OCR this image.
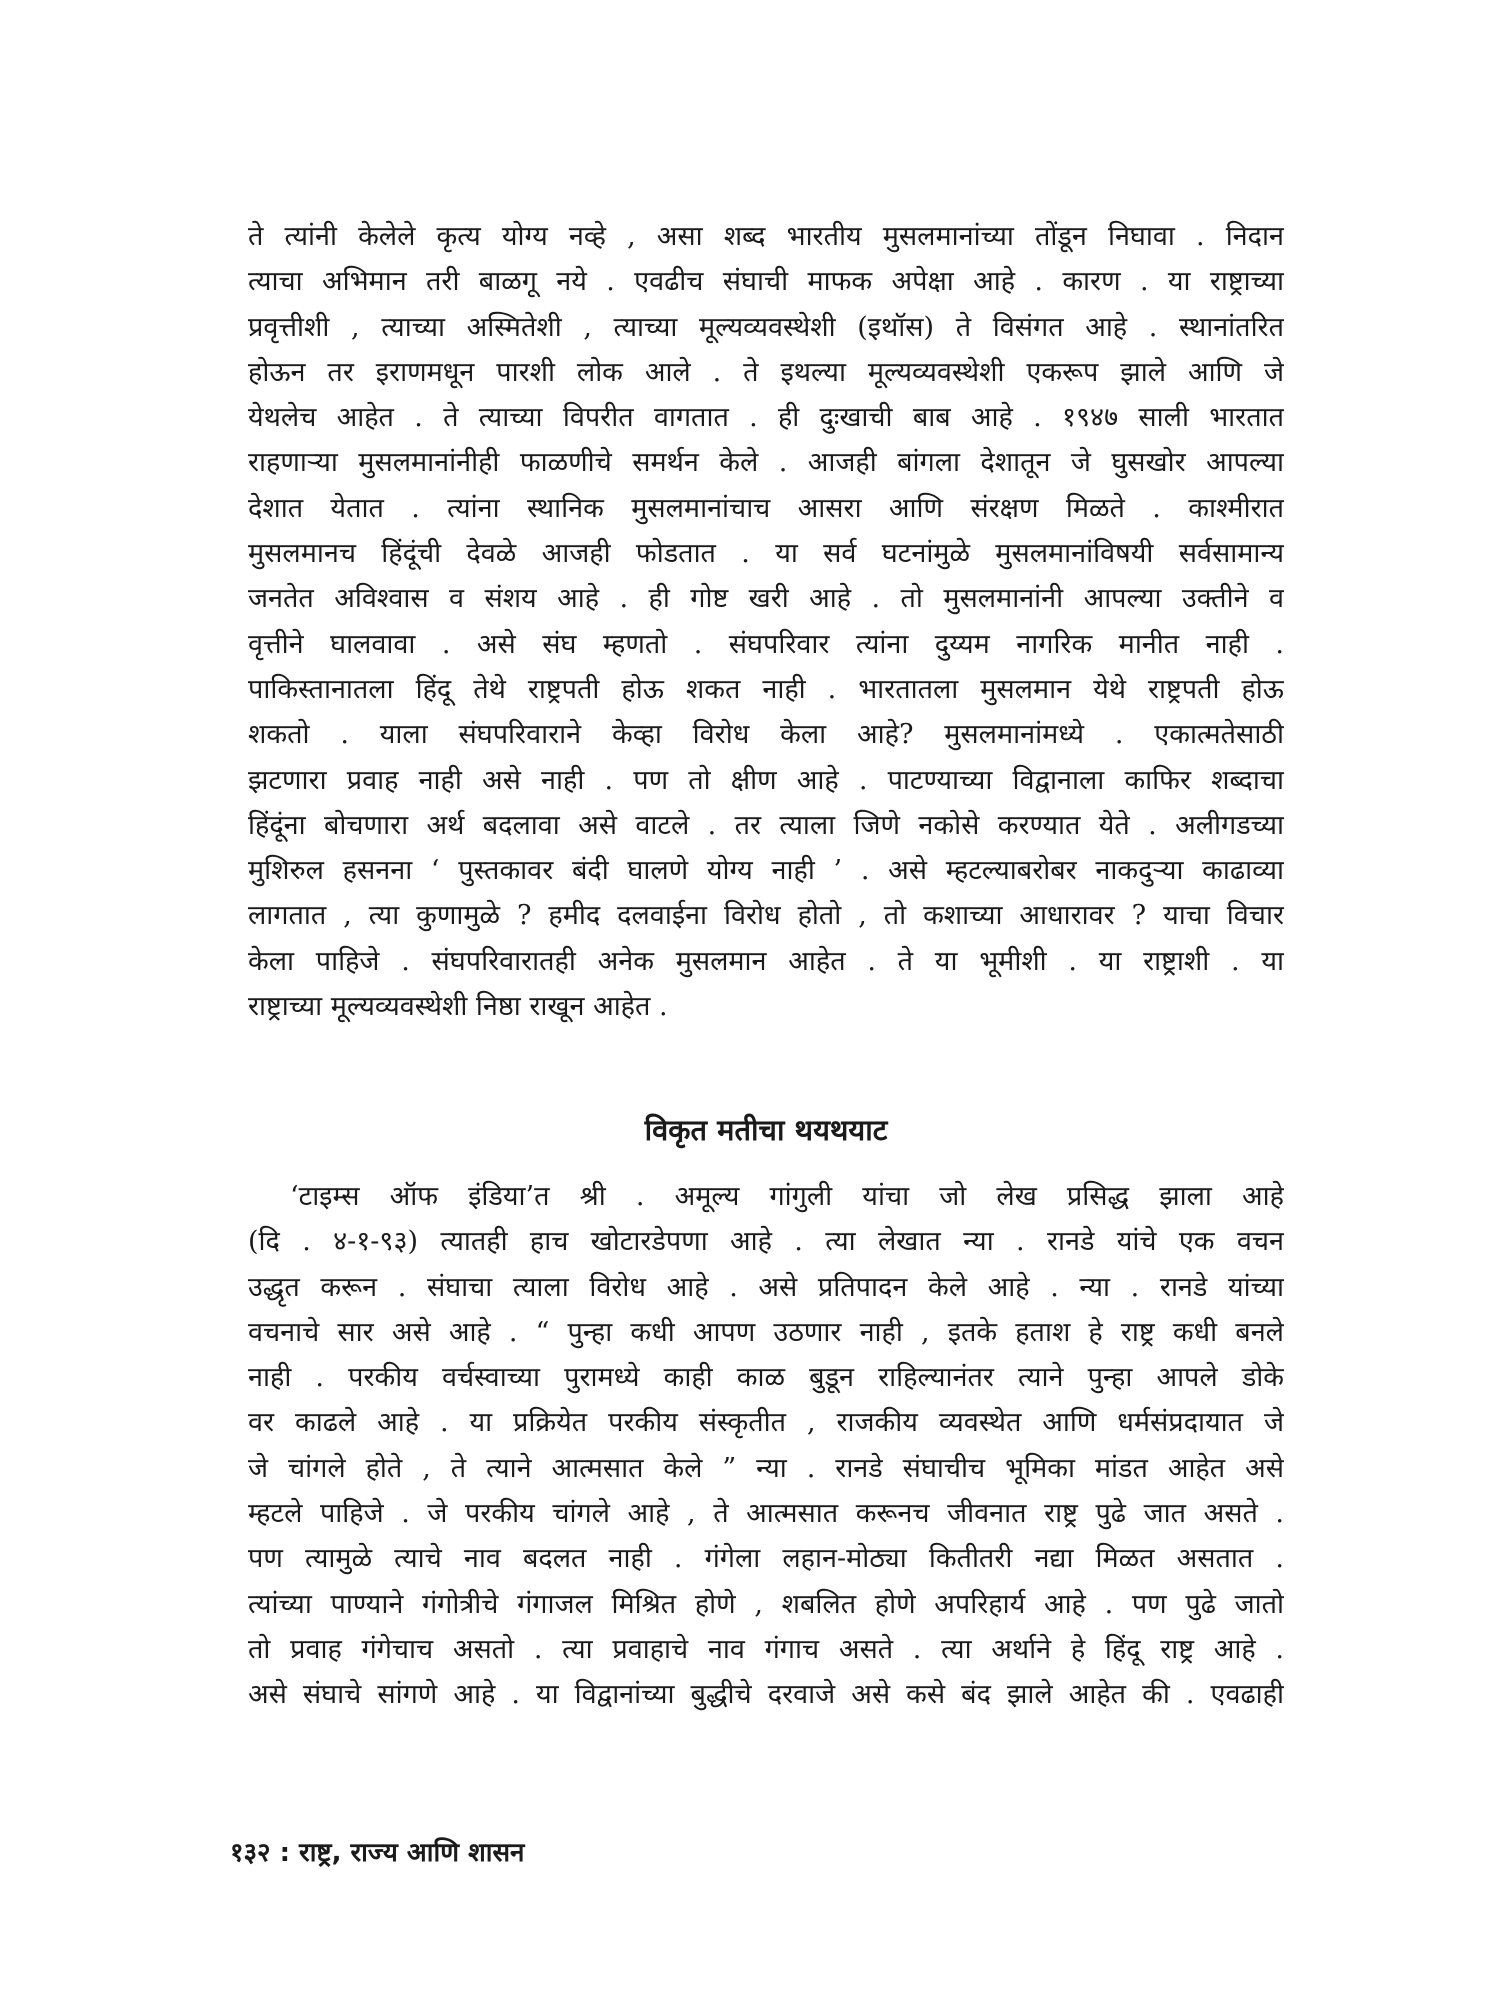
ते त्यांनी केलेले कृत्य योग्य नव्हे , असा शब्द भारतीय मुसलमानांच्या तोंडून निघावा . निदान
त्याचा अभिमान तरी बाळगू नये . एवढीच संघाची माफक अपेक्षा आहे . कारण . या राष्ट्राच्या
प्रवृत्तीशी , त्याच्या अस्मितेशी , त्याच्या मूल्यव्यवस्थेशी (इथॉस) ते विसंगत आहे . स्थानांतरित
होऊन तर इराणमधून पारशी लोक आले . ते इथल्या मूल्यव्यवस्थेशी एकरूप झाले आणि जे
येथलेच आहेत . ते त्याच्या विपरीत वागतात . ही दुःखाची बाब आहे . १९४७ साली भारतात
राहणाऱ्या मुसलमानांनीही फाळणीचे समर्थन केले . आजही बांगला देशातून जे घुसखोर आपल्या
देशात येतात . त्यांना स्थानिक मुसलमानांचाच आसरा आणि संरक्षण मिळते . काश्मीरात
मुसलमानच हिंदूंची देवळे आजही फोडतात . या सर्व घटनांमुळे मुसलमानांविषयी सर्वसामान्य
जनतेत अविश्वास व संशय आहे . ही गोष्ट खरी आहे . तो मुसलमानांनी आपल्या उक्तीने व
वृत्तीने घालवावा . असे संघ म्हणतो . संघपरिवार त्यांना दुय्यम नागरिक मानीत नाही .
पाकिस्तानातला हिंदू तेथे राष्ट्रपती होऊ शकत नाही . भारतातला मुसलमान येथे राष्ट्रपती होऊ
शकतो . याला संघपरिवाराने केव्हा विरोध केला आहे? मुसलमानांमध्ये . एकात्मतेसाठी
झटणारा प्रवाह नाही असे नाही . पण तो क्षीण आहे . पाटण्याच्या विद्वानाला काफिर शब्दाचा
हिंदूंना बोचणारा अर्थ बदलावा असे वाटले . तर त्याला जिणे नकोसे करण्यात येते . अलीगडच्या
मुशिरुल हसनना ‘ पुस्तकावर बंदी घालणे योग्य नाही ’ . असे म्हटल्याबरोबर नाकदुऱ्या काढाव्या
लागतात , त्या कुणामुळे ? हमीद दलवाईना विरोध होतो , तो कशाच्या आधारावर ? याचा विचार
केला पाहिजे . संघपरिवारातही अनेक मुसलमान आहेत . ते या भूमीशी . या राष्ट्राशी . या
राष्ट्राच्या मूल्यव्यवस्थेशी निष्ठा राखून आहेत .
विकृत मतीचा थयथयाट
‘टाइम्स ऑफ इंडिया’त श्री . अमूल्य गांगुली यांचा जो लेख प्रसिद्ध झाला आहे
(दि . ४-१-९३) त्यातही हाच खोटारडेपणा आहे . त्या लेखात न्या . रानडे यांचे एक वचन
उद्धृत करून . संघाचा त्याला विरोध आहे . असे प्रतिपादन केले आहे . न्या . रानडे यांच्या
वचनाचे सार असे आहे . “ पुन्हा कधी आपण उठणार नाही , इतके हताश हे राष्ट्र कधी बनले
नाही . परकीय वर्चस्वाच्या पुरामध्ये काही काळ बुडून राहिल्यानंतर त्याने पुन्हा आपले डोके
वर काढले आहे . या प्रक्रियेत परकीय संस्कृतीत , राजकीय व्यवस्थेत आणि धर्मसंप्रदायात जे
जे चांगले होते , ते त्याने आत्मसात केले ” न्या . रानडे संघाचीच भूमिका मांडत आहेत असे
म्हटले पाहिजे . जे परकीय चांगले आहे , ते आत्मसात करूनच जीवनात राष्ट्र पुढे जात असते .
पण त्यामुळे त्याचे नाव बदलत नाही . गंगेला लहान-मोठ्या कितीतरी नद्या मिळत असतात .
त्यांच्या पाण्याने गंगोत्रीचे गंगाजल मिश्रित होणे , शबलित होणे अपरिहार्य आहे . पण पुढे जातो
तो प्रवाह गंगेचाच असतो . त्या प्रवाहाचे नाव गंगाच असते . त्या अर्थाने हे हिंदू राष्ट्र आहे .
असे संघाचे सांगणे आहे . या विद्वानांच्या बुद्धीचे दरवाजे असे कसे बंद झाले आहेत की . एवढाही
१३२ : राष्ट्र, राज्य आणि शासन
